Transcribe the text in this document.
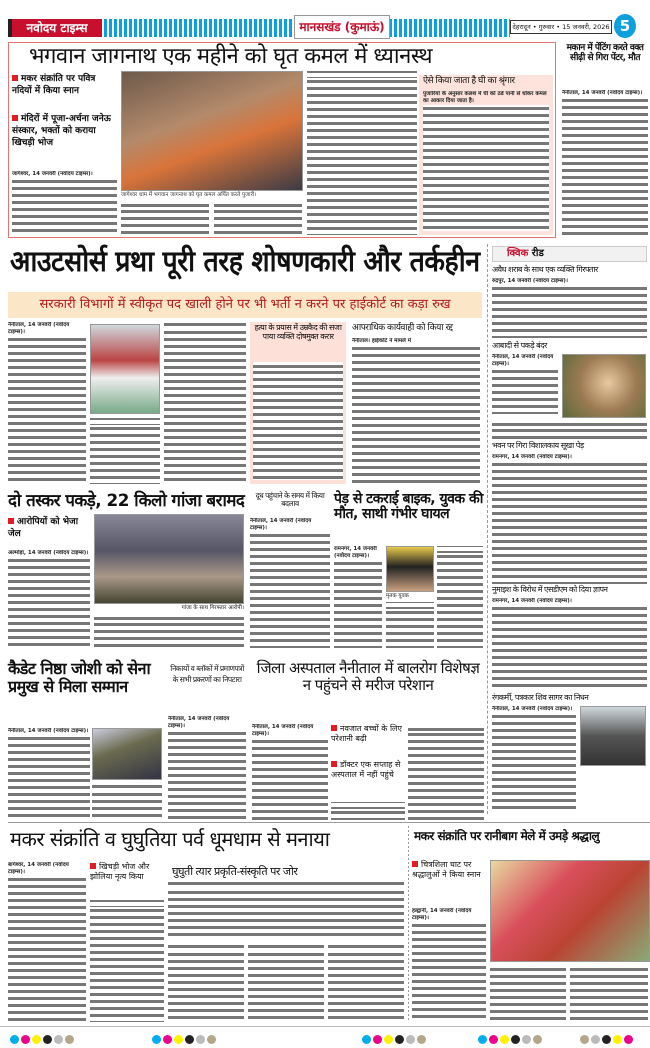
नवोदय टाइम्स	मानसखंड (कुमाऊं)	देहरादून • गुरुवार • 15 जनवरी, 2026 5
भगवान जागनाथ एक महीने को घृत कमल में ध्यानस्थ
मकर संक्रांति पर पवित्र नदियों में किया स्नान
मंदिरों में पूजा-अर्चना जनेऊ संस्कार, भक्तों को कराया खिचड़ी भोज
जागेश्वर, 14 जनवरी (नवोदय टाइम्स)।
जागेश्वर धाम में भगवान जागनाथ को घृत कमल अर्पित करते पुजारी।
ऐसे किया जाता है घी का श्रृंगार
पुजारियों के अनुसार कलश में घी को ठंडे पानी से धोकर कमल का आकार दिया जाता है।
मकान में पेंटिंग करते वक्त सीढ़ी से गिरा पेंटर, मौत
नैनीताल, 14 जनवरी (नवोदय टाइम्स)।
आउटसोर्स प्रथा पूरी तरह शोषणकारी और तर्कहीन
सरकारी विभागों में स्वीकृत पद खाली होने पर भी भर्ती न करने पर हाईकोर्ट का कड़ा रुख
नैनीताल, 14 जनवरी (नवोदय टाइम्स)।	हत्या के प्रयास में उम्रकैद की सजा पाया व्यक्ति दोषमुक्त करार
आपराधिक कार्यवाही को किया रद्द
नैनीताल। हाईकोर्ट ने मामले में
क्विक रीड
अवैध शराब के साथ एक व्यक्ति गिरफ्तार
रुद्रपुर, 14 जनवरी (नवोदय टाइम्स)।
आबादी से पकड़े बंदर
नैनीताल, 14 जनवरी (नवोदय टाइम्स)।
भवन पर गिरा विशालकाय सूखा पेड़
रामनगर, 14 जनवरी (नवोदय टाइम्स)।
नुमाइश के विरोध में एसडीएम को दिया ज्ञापन
रामनगर, 14 जनवरी (नवोदय टाइम्स)।
रंगकर्मी, पत्रकार शिव सागर का निधन
नैनीताल, 14 जनवरी (नवोदय टाइम्स)।
दो तस्कर पकड़े, 22 किलो गांजा बरामद
आरोपियों को भेजा जेल
अल्मोड़ा, 14 जनवरी (नवोदय टाइम्स)।
गांजा के साथ गिरफ्तार आरोपी।
दूध पहुंचाने के समय में किया बदलाव
नैनीताल, 14 जनवरी (नवोदय टाइम्स)।
पेड़ से टकराई बाइक, युवक की मौत, साथी गंभीर घायल
रामनगर, 14 जनवरी (नवोदय टाइम्स)।
मृतक युवक
कैडेट निष्ठा जोशी को सेना प्रमुख से मिला सम्मान
नैनीताल, 14 जनवरी (नवोदय टाइम्स)।
निकायों व ब्लॉकों में प्रमाणपत्रों के सभी प्रकरणों का निपटारा
नैनीताल, 14 जनवरी (नवोदय टाइम्स)।
जिला अस्पताल नैनीताल में बालरोग विशेषज्ञ न पहुंचने से मरीज परेशान
नैनीताल, 14 जनवरी (नवोदय टाइम्स)।
नवजात बच्चों के लिए परेशानी बढ़ी
डॉक्टर एक सप्ताह से अस्पताल में नहीं पहुंचे
मकर संक्रांति व घुघुतिया पर्व धूमधाम से मनाया
बागेश्वर, 14 जनवरी (नवोदय टाइम्स)।
खिचड़ी भोज और झोलिया नृत्य किया	घुघुती त्यार प्रकृति-संस्कृति पर जोर
मकर संक्रांति पर रानीबाग मेले में उमड़े श्रद्धालु
चित्रशिला घाट पर श्रद्धालुओं ने किया स्नान
हल्द्वानी, 14 जनवरी (नवोदय टाइम्स)।
